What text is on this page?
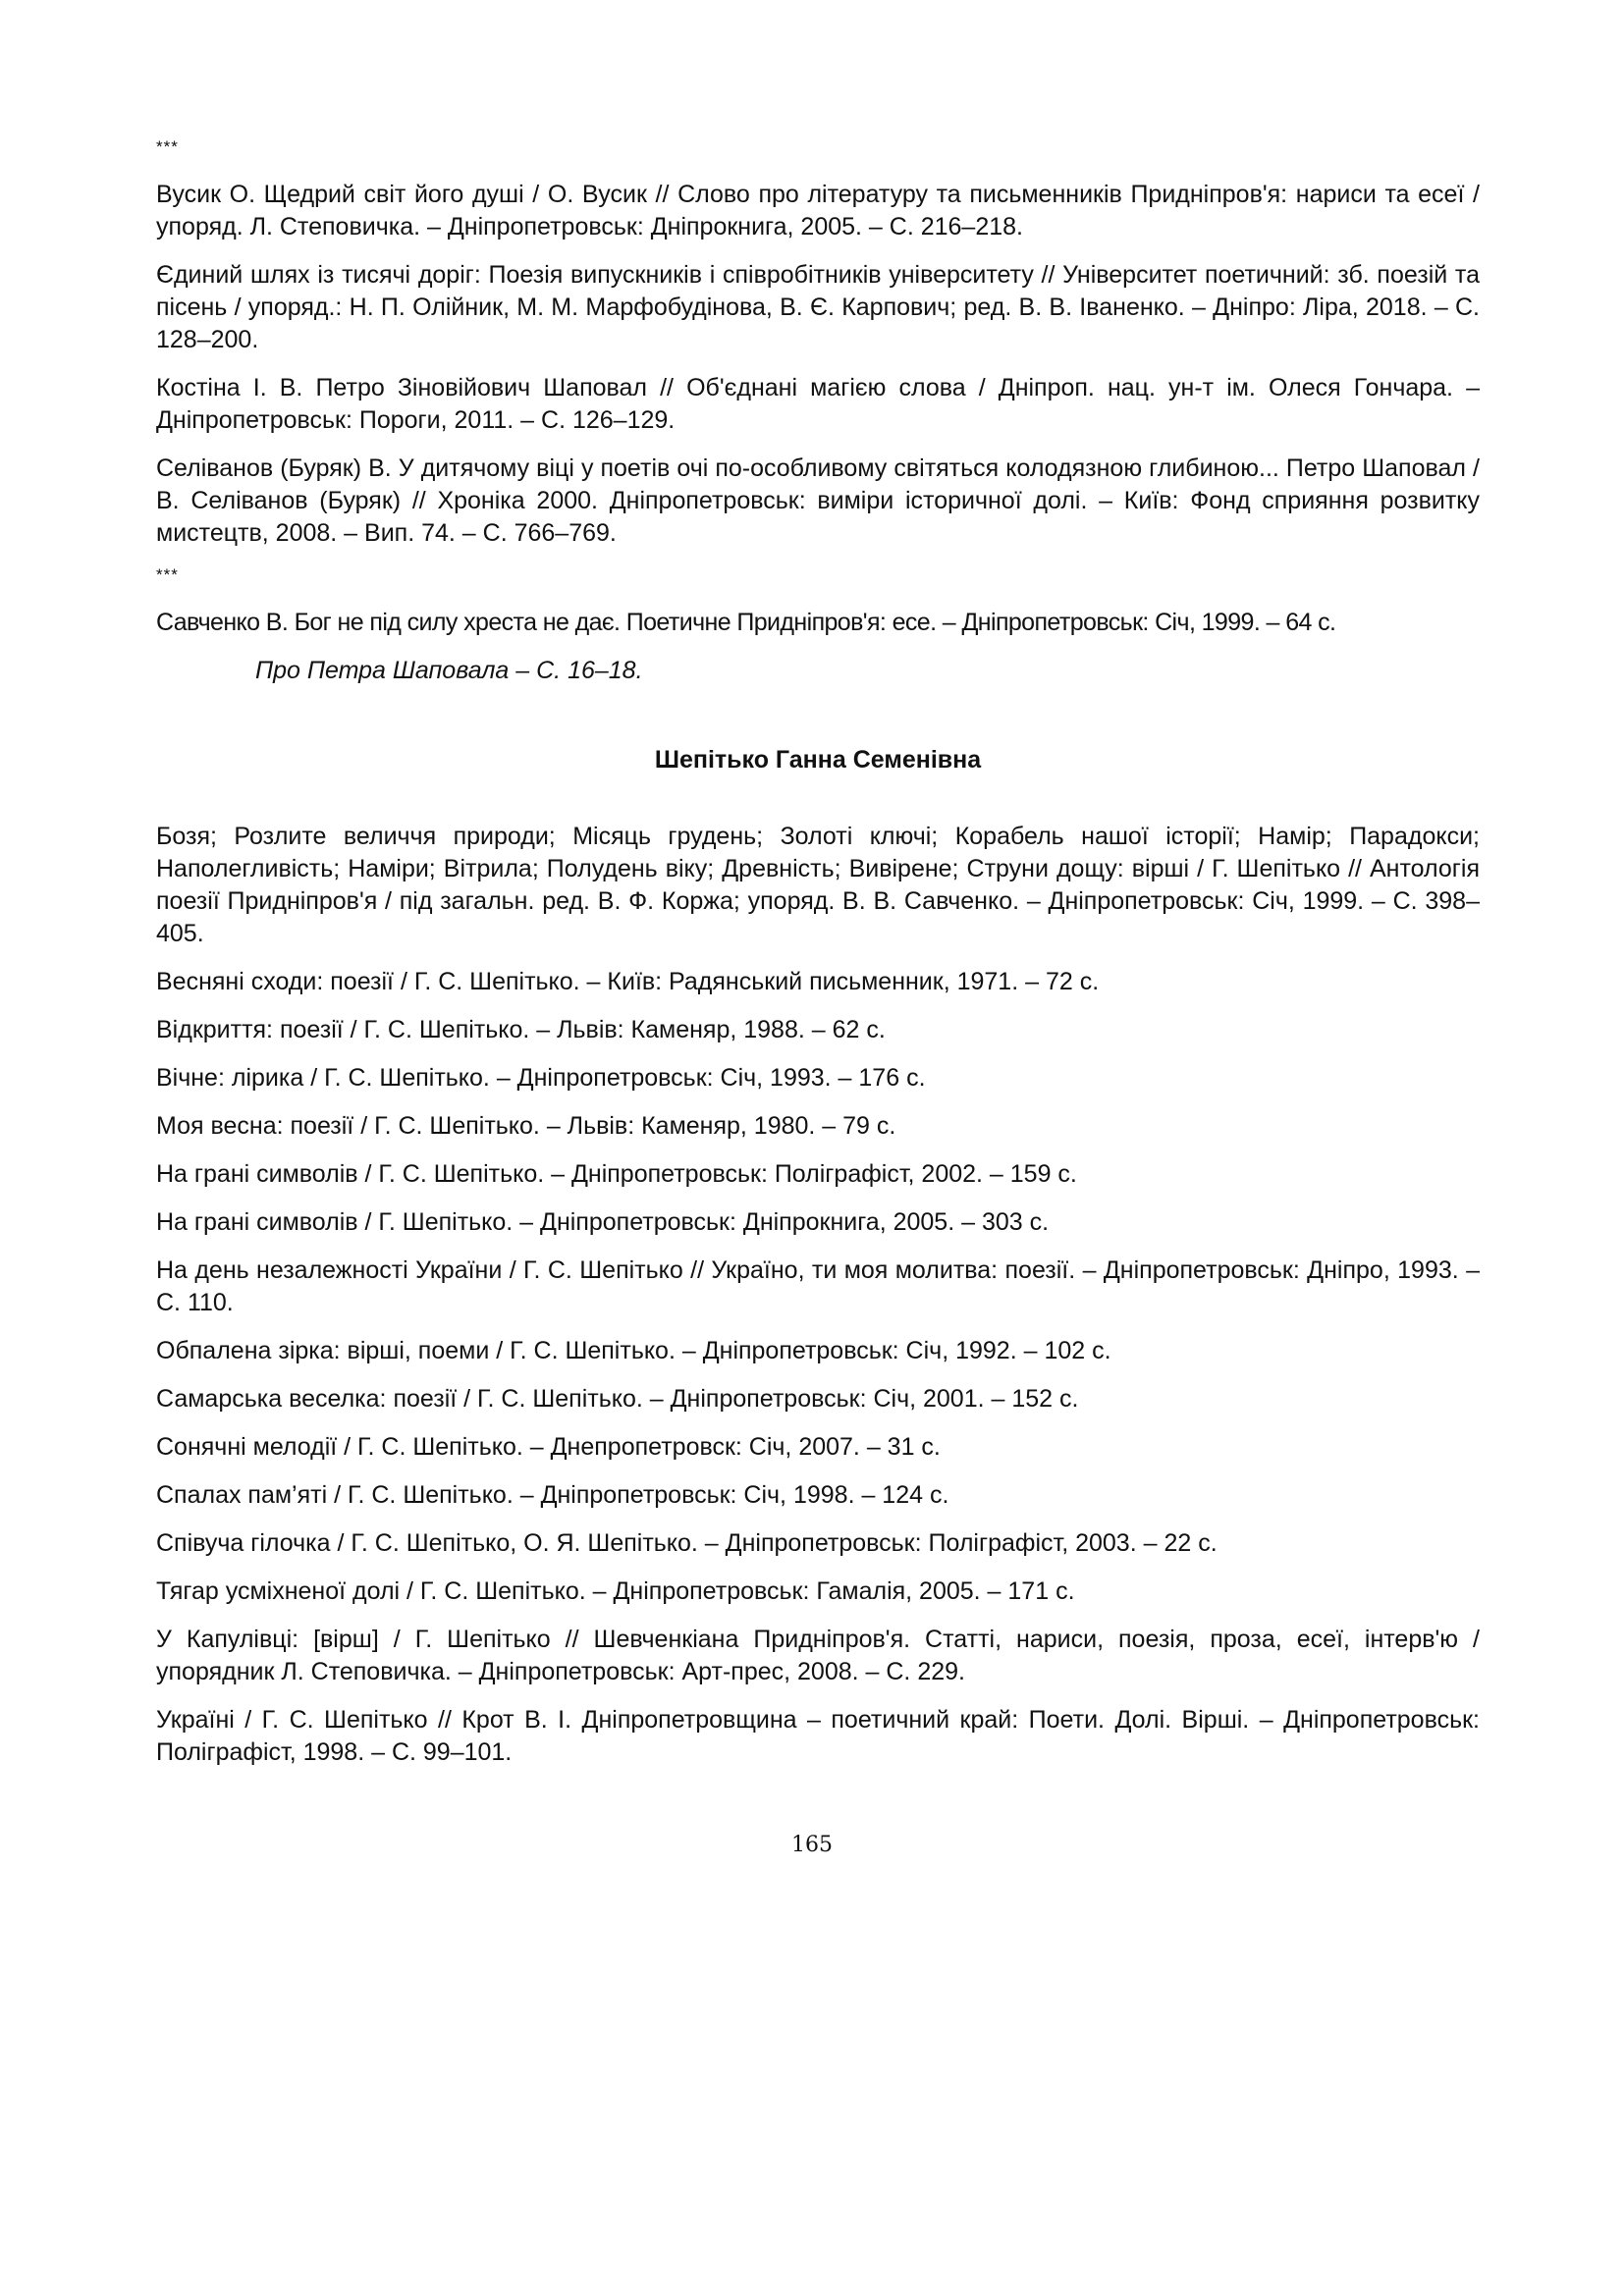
***

Вусик О. Щедрий світ його душі / О. Вусик // Слово про літературу та письменників Придніпров'я: нариси та есеї / упоряд. Л. Степовичка. – Дніпропетровськ: Дніпрокнига, 2005. – С. 216–218.

Єдиний шлях із тисячі доріг: Поезія випускників і співробітників університету // Університет поетичний: зб. поезій та пісень / упоряд.: Н. П. Олійник, М. М. Марфобудінова, В. Є. Карпович; ред. В. В. Іваненко. – Дніпро: Ліра, 2018. – С. 128–200.

Костіна І. В. Петро Зіновійович Шаповал // Об'єднані магією слова / Дніпроп. нац. ун-т ім. Олеся Гончара. – Дніпропетровськ: Пороги, 2011. – С. 126–129.

Селіванов (Буряк) В. У дитячому віці у поетів очі по-особливому світяться колодязною глибиною... Петро Шаповал / В. Селіванов (Буряк) // Хроніка 2000. Дніпропетровськ: виміри історичної долі. – Київ: Фонд сприяння розвитку мистецтв, 2008. – Вип. 74. – С. 766–769.

***

Савченко В. Бог не під силу хреста не дає. Поетичне Придніпров'я: есе. – Дніпропетровськ: Січ, 1999. – 64 с.

Про Петра Шаповала – С. 16–18.

Шепітько Ганна Семенівна

Бозя; Розлите величчя природи; Місяць грудень; Золоті ключі; Корабель нашої історії; Намір; Парадокси; Наполегливість; Наміри; Вітрила; Полудень віку; Древність; Вивірене; Струни дощу: вірші / Г. Шепітько // Антологія поезії Придніпров'я / під загальн. ред. В. Ф. Коржа; упоряд. В. В. Савченко. – Дніпропетровськ: Січ, 1999. – С. 398–405.

Весняні сходи: поезії / Г. С. Шепітько. – Київ: Радянський письменник, 1971. – 72 с.

Відкриття: поезії / Г. С. Шепітько. – Львів: Каменяр, 1988. – 62 с.

Вічне: лірика / Г. С. Шепітько. – Дніпропетровськ: Січ, 1993. – 176 с.

Моя весна: поезії / Г. С. Шепітько. – Львів: Каменяр, 1980. – 79 с.

На грані символів / Г. С. Шепітько. – Дніпропетровськ: Поліграфіст, 2002. – 159 с.

На грані символів / Г. Шепітько. – Дніпропетровськ: Дніпрокнига, 2005. – 303 с.

На день незалежності України / Г. С. Шепітько // Україно, ти моя молитва: поезії. – Дніпропетровськ: Дніпро, 1993. – С. 110.

Обпалена зірка: вірші, поеми / Г. С. Шепітько. – Дніпропетровськ: Січ, 1992. – 102 с.

Самарська веселка: поезії / Г. С. Шепітько. – Дніпропетровськ: Січ, 2001. – 152 с.

Сонячні мелодії / Г. С. Шепітько. – Днепропетровск: Січ, 2007. – 31 с.

Спалах пам’яті / Г. С. Шепітько. – Дніпропетровськ: Січ, 1998. – 124 с.

Співуча гілочка / Г. С. Шепітько, О. Я. Шепітько. – Дніпропетровськ: Поліграфіст, 2003. – 22 с.

Тягар усміхненої долі / Г. С. Шепітько. – Дніпропетровськ: Гамалія, 2005. – 171 с.

У Капулівці: [вірш] / Г. Шепітько // Шевченкіана Придніпров'я. Статті, нариси, поезія, проза, есеї, інтерв'ю / упорядник Л. Степовичка. – Дніпропетровськ: Арт-прес, 2008. – С. 229.

Україні / Г. С. Шепітько // Крот В. І. Дніпропетровщина – поетичний край: Поети. Долі. Вірші. – Дніпропетровськ: Поліграфіст, 1998. – С. 99–101.

165
